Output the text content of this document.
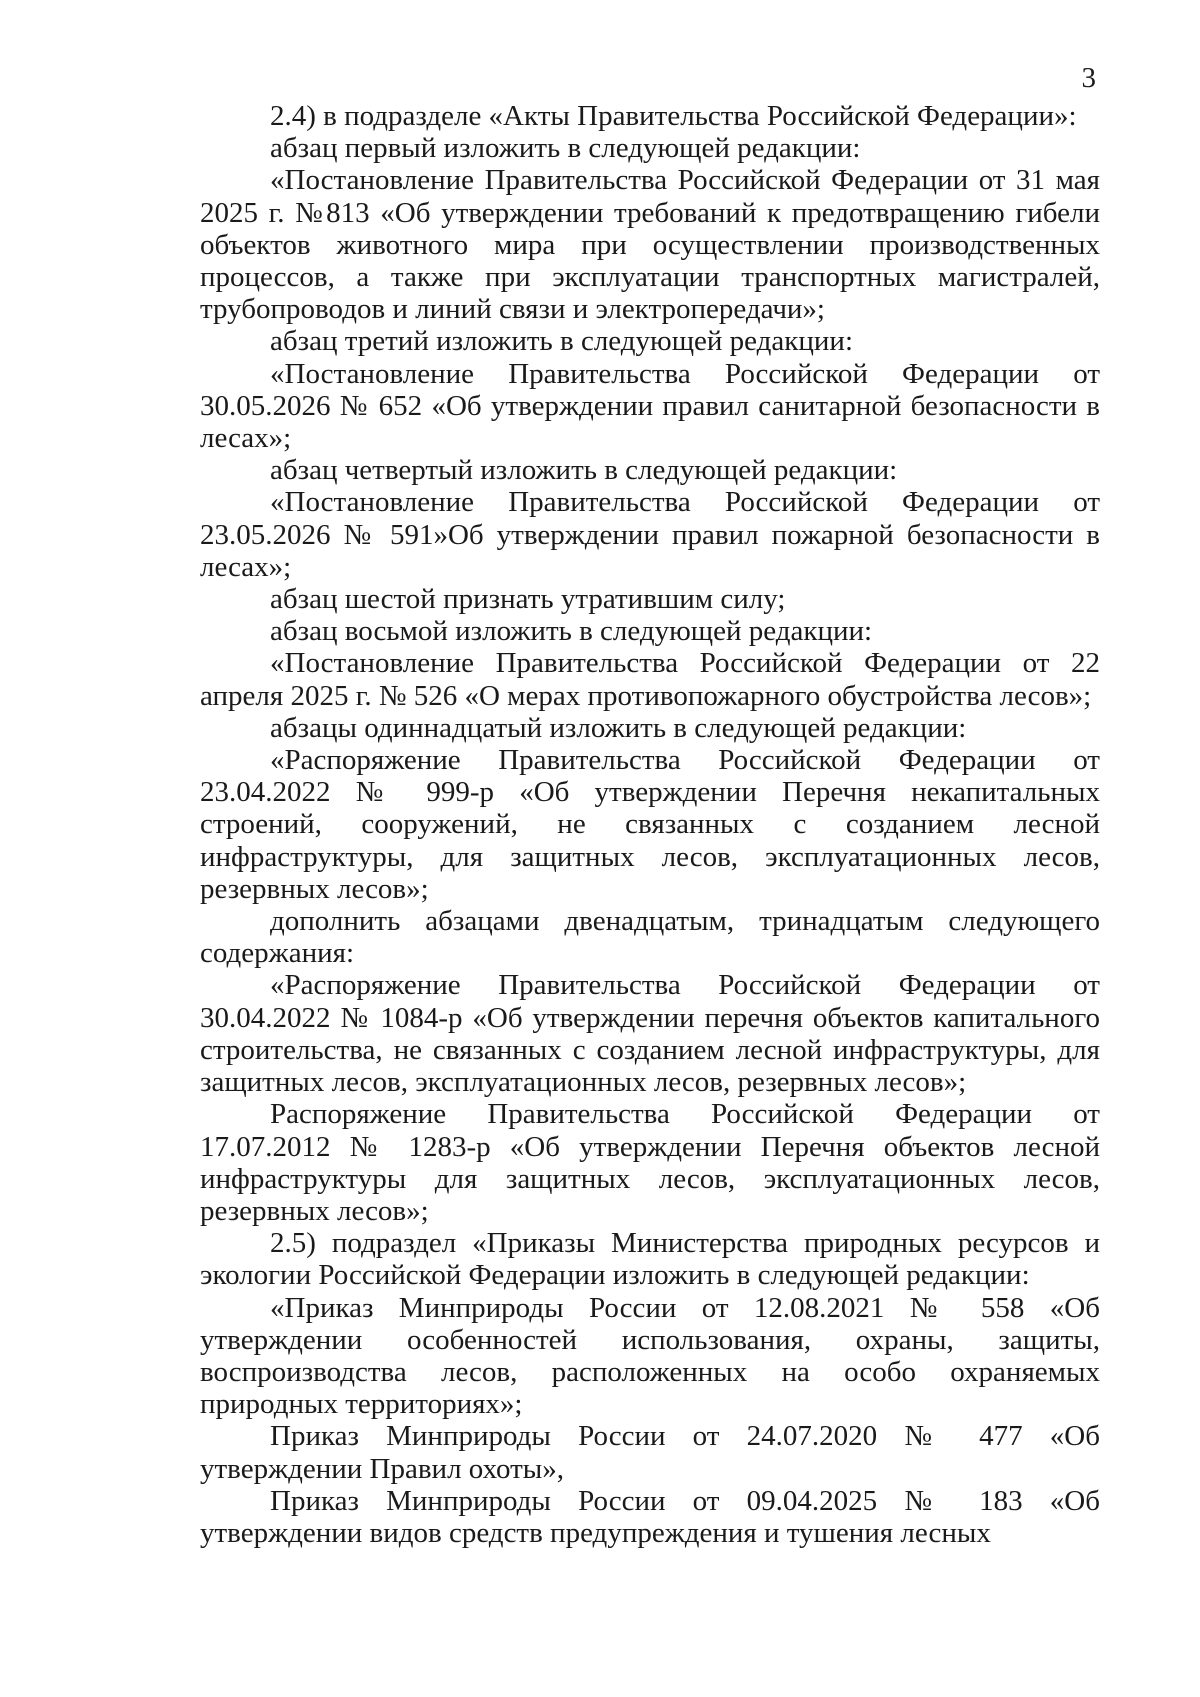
3

2.4) в подразделе «Акты Правительства Российской Федерации»:

абзац первый изложить в следующей редакции:

«Постановление Правительства Российской Федерации от 31 мая 2025 г. №813 «Об утверждении требований к предотвращению гибели объектов животного мира при осуществлении производственных процессов, а также при эксплуатации транспортных магистралей, трубопроводов и линий связи и электропередачи»;

абзац третий изложить в следующей редакции:

«Постановление Правительства Российской Федерации от 30.05.2026 № 652 «Об утверждении правил санитарной безопасности в лесах»;

абзац четвертый изложить в следующей редакции:

«Постановление Правительства Российской Федерации от 23.05.2026 № 591»Об утверждении правил пожарной безопасности в лесах»;

абзац шестой признать утратившим силу;

абзац восьмой изложить в следующей редакции:

«Постановление Правительства Российской Федерации от 22 апреля 2025 г. № 526 «О мерах противопожарного обустройства лесов»;

абзацы одиннадцатый изложить в следующей редакции:

«Распоряжение Правительства Российской Федерации от 23.04.2022 № 999-р «Об утверждении Перечня некапитальных строений, сооружений, не связанных с созданием лесной инфраструктуры, для защитных лесов, эксплуатационных лесов, резервных лесов»;

дополнить абзацами двенадцатым, тринадцатым следующего содержания:

«Распоряжение Правительства Российской Федерации от 30.04.2022 № 1084-р «Об утверждении перечня объектов капитального строительства, не связанных с созданием лесной инфраструктуры, для защитных лесов, эксплуатационных лесов, резервных лесов»;

Распоряжение Правительства Российской Федерации от 17.07.2012 № 1283-р «Об утверждении Перечня объектов лесной инфраструктуры для защитных лесов, эксплуатационных лесов, резервных лесов»;

2.5) подраздел «Приказы Министерства природных ресурсов и экологии Российской Федерации изложить в следующей редакции:

«Приказ Минприроды России от 12.08.2021 № 558 «Об утверждении особенностей использования, охраны, защиты, воспроизводства лесов, расположенных на особо охраняемых природных территориях»;

Приказ Минприроды России от 24.07.2020 № 477 «Об утверждении Правил охоты»,

Приказ Минприроды России от 09.04.2025 № 183 «Об утверждении видов средств предупреждения и тушения лесных
